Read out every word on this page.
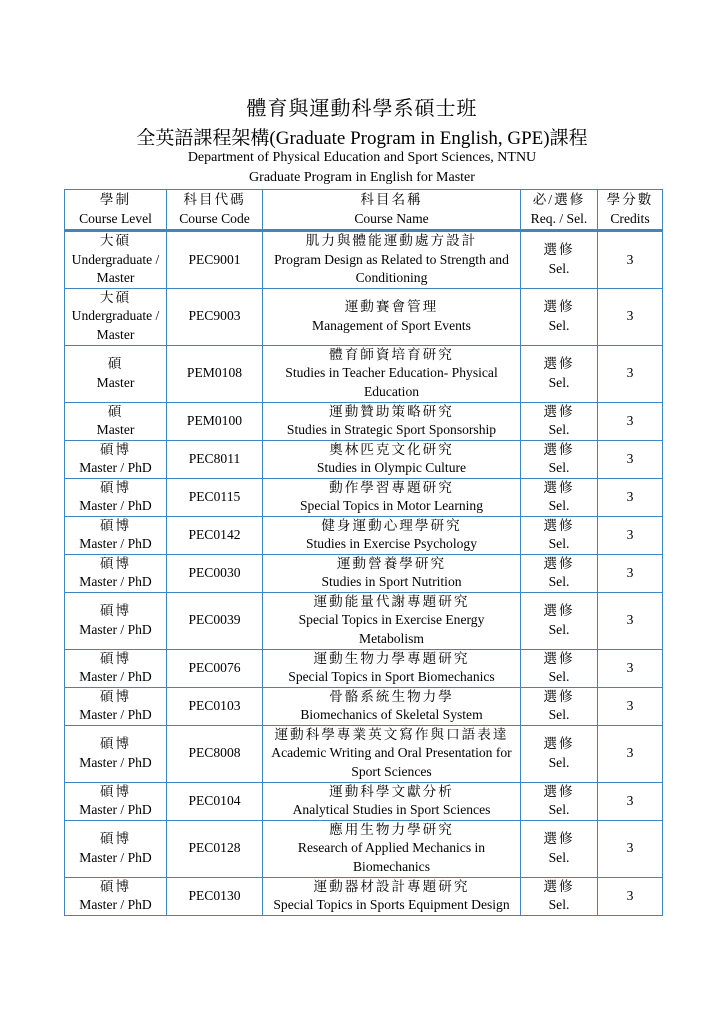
體育與運動科學系碩士班
全英語課程架構(Graduate Program in English, GPE)課程
Department of Physical Education and Sport Sciences, NTNU
Graduate Program in English for Master
學制
Course Level	科目代碼
Course Code	科目名稱
Course Name	必/選修
Req. / Sel.	學分數
Credits

大碩
Undergraduate / Master	PEC9001	肌力與體能運動處方設計
Program Design as Related to Strength and Conditioning	選修
Sel.	3

大碩
Undergraduate / Master	PEC9003	運動賽會管理
Management of Sport Events	選修
Sel.	3

碩
Master	PEM0108	體育師資培育研究
Studies in Teacher Education- Physical Education	選修
Sel.	3

碩
Master	PEM0100	運動贊助策略研究
Studies in Strategic Sport Sponsorship	選修
Sel.	3

碩博
Master / PhD	PEC8011	奧林匹克文化研究
Studies in Olympic Culture	選修
Sel.	3

碩博
Master / PhD	PEC0115	動作學習專題研究
Special Topics in Motor Learning	選修
Sel.	3

碩博
Master / PhD	PEC0142	健身運動心理學研究
Studies in Exercise Psychology	選修
Sel.	3

碩博
Master / PhD	PEC0030	運動營養學研究
Studies in Sport Nutrition	選修
Sel.	3

碩博
Master / PhD	PEC0039	運動能量代謝專題研究
Special Topics in Exercise Energy Metabolism	選修
Sel.	3

碩博
Master / PhD	PEC0076	運動生物力學專題研究
Special Topics in Sport Biomechanics	選修
Sel.	3

碩博
Master / PhD	PEC0103	骨骼系統生物力學
Biomechanics of Skeletal System	選修
Sel.	3

碩博
Master / PhD	PEC8008	運動科學專業英文寫作與口語表達
Academic Writing and Oral Presentation for Sport Sciences	選修
Sel.	3

碩博
Master / PhD	PEC0104	運動科學文獻分析
Analytical Studies in Sport Sciences	選修
Sel.	3

碩博
Master / PhD	PEC0128	應用生物力學研究
Research of Applied Mechanics in Biomechanics	選修
Sel.	3

碩博
Master / PhD	PEC0130	運動器材設計專題研究
Special Topics in Sports Equipment Design	選修
Sel.	3
